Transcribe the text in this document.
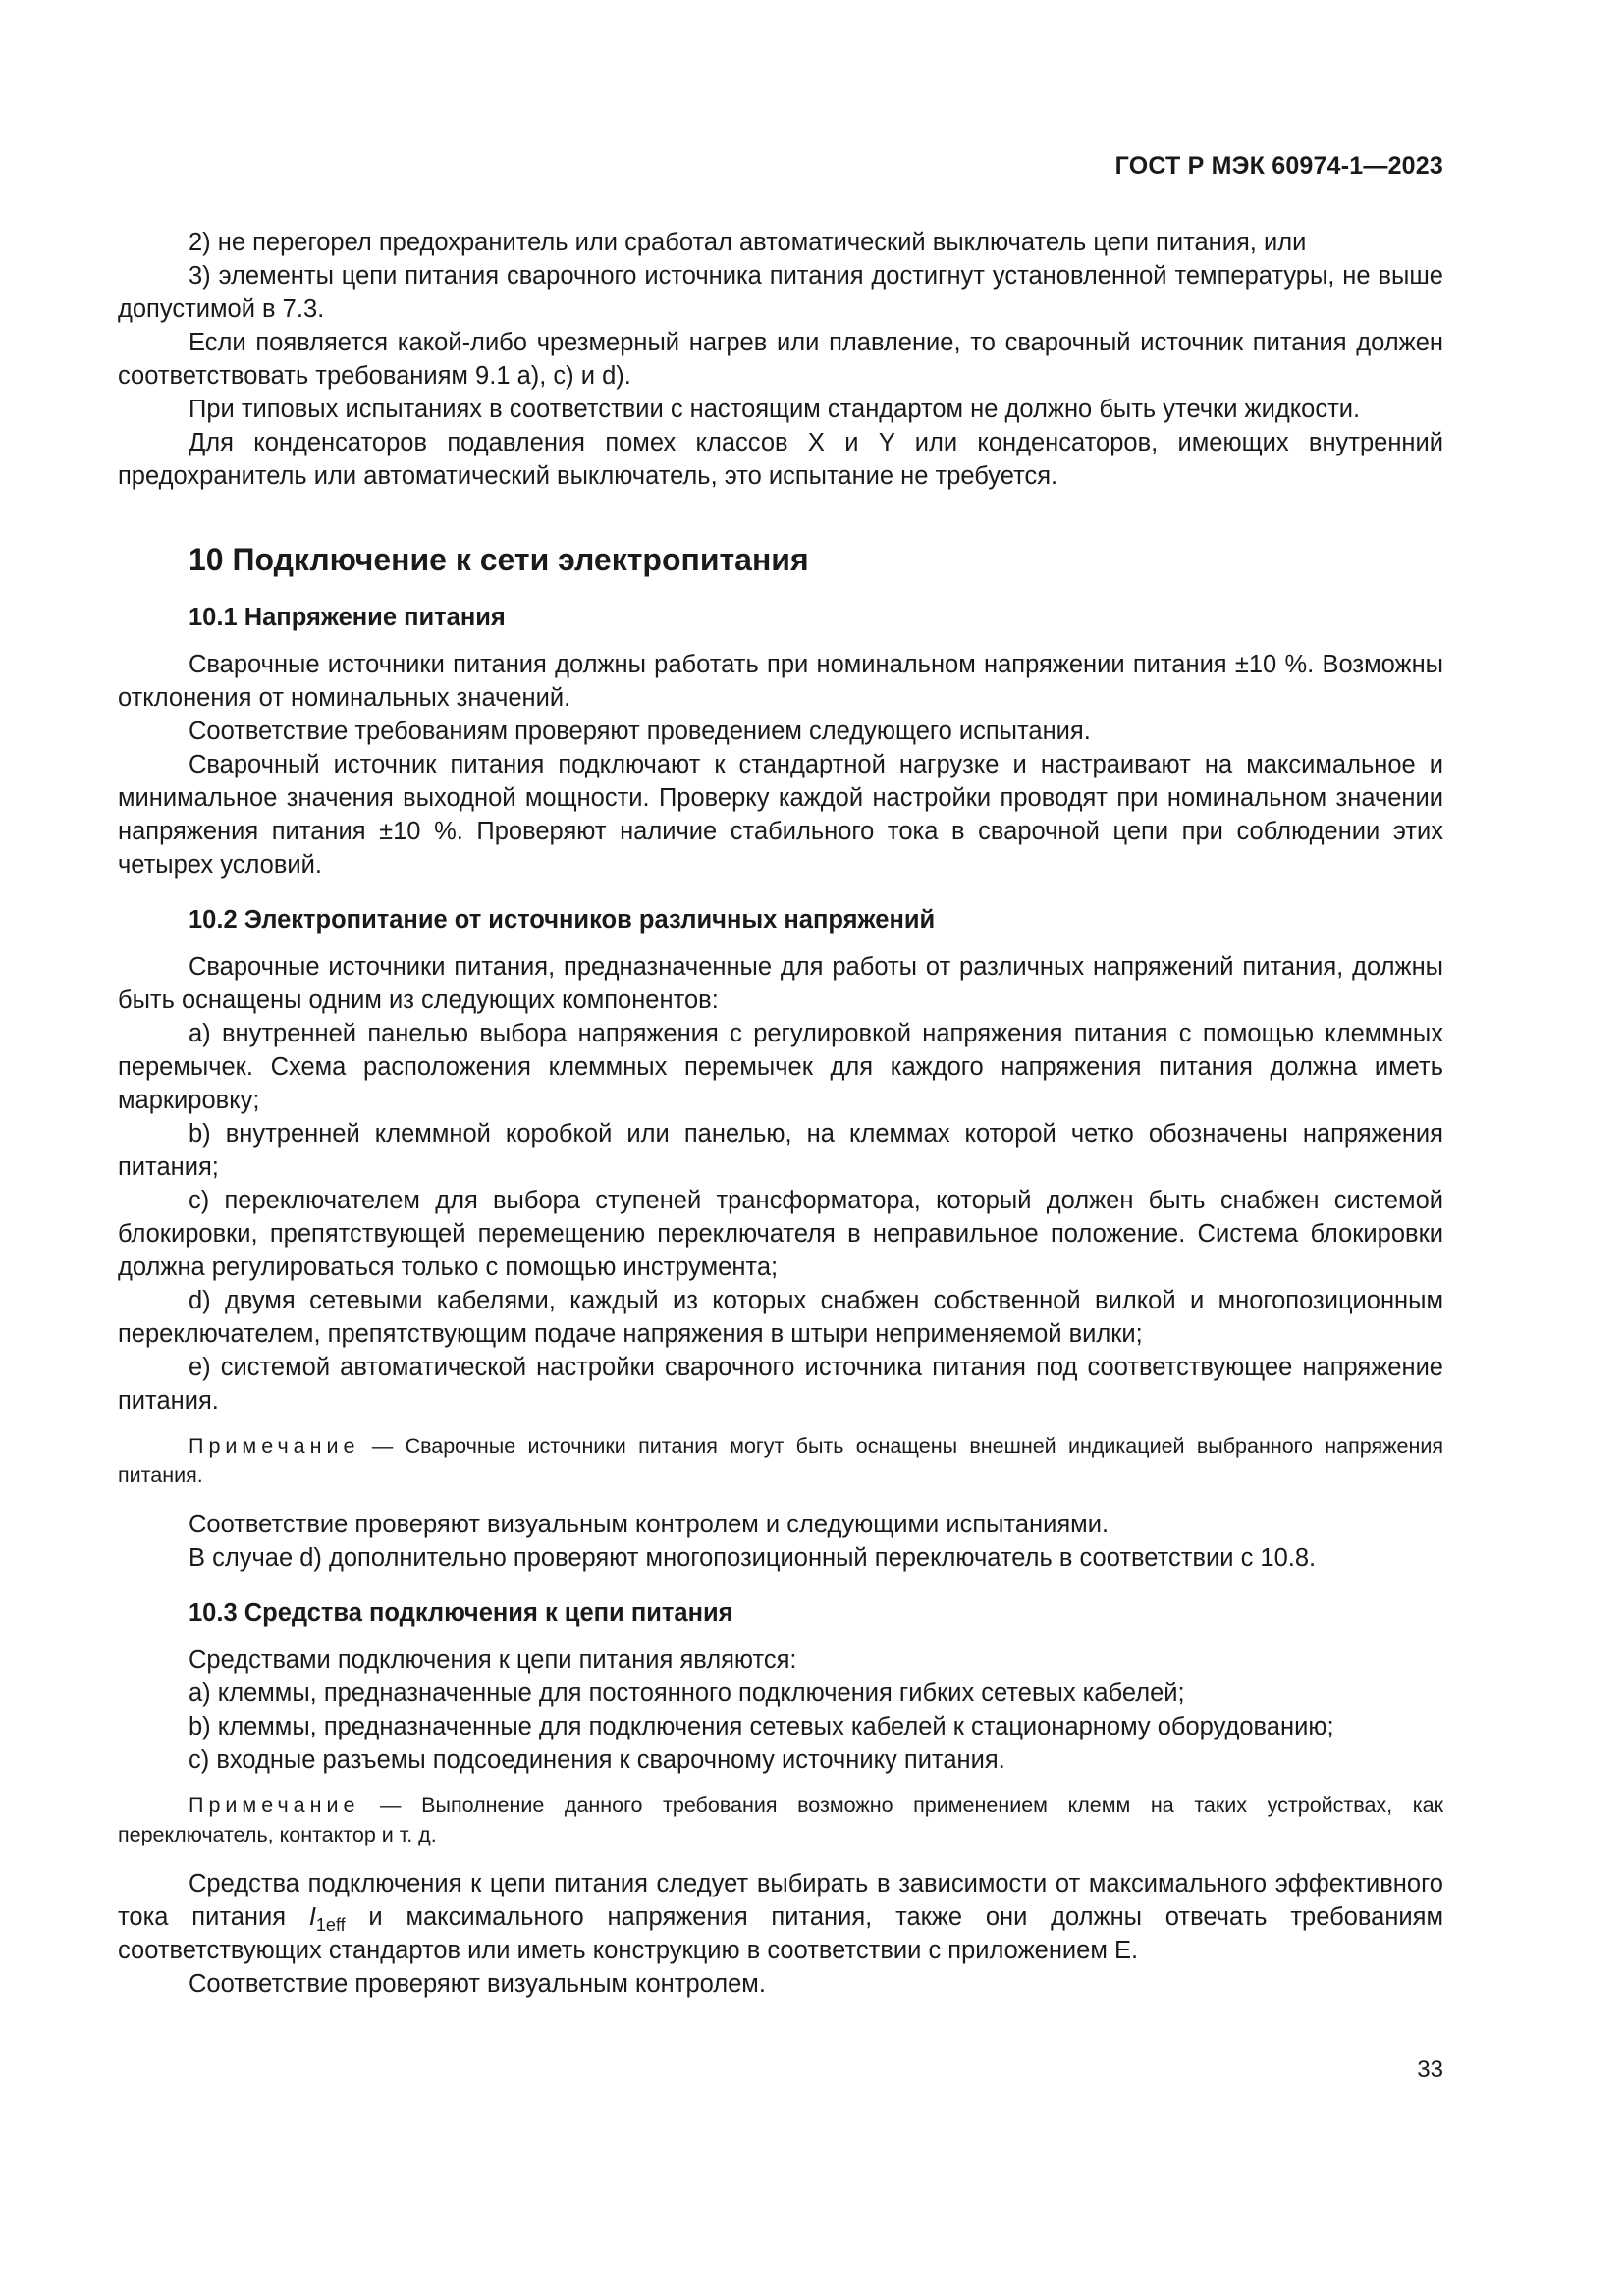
ГОСТ Р МЭК 60974-1—2023

2) не перегорел предохранитель или сработал автоматический выключатель цепи питания, или

3) элементы цепи питания сварочного источника питания достигнут установленной температуры, не выше допустимой в 7.3.

Если появляется какой-либо чрезмерный нагрев или плавление, то сварочный источник питания должен соответствовать требованиям 9.1 а), с) и d).

При типовых испытаниях в соответствии с настоящим стандартом не должно быть утечки жидкости.

Для конденсаторов подавления помех классов X и Y или конденсаторов, имеющих внутренний предохранитель или автоматический выключатель, это испытание не требуется.

10 Подключение к сети электропитания
10.1 Напряжение питания

Сварочные источники питания должны работать при номинальном напряжении питания ±10 %. Возможны отклонения от номинальных значений.

Соответствие требованиям проверяют проведением следующего испытания.

Сварочный источник питания подключают к стандартной нагрузке и настраивают на максимальное и минимальное значения выходной мощности. Проверку каждой настройки проводят при номинальном значении напряжения питания ±10 %. Проверяют наличие стабильного тока в сварочной цепи при соблюдении этих четырех условий.

10.2 Электропитание от источников различных напряжений

Сварочные источники питания, предназначенные для работы от различных напряжений питания, должны быть оснащены одним из следующих компонентов:

а) внутренней панелью выбора напряжения с регулировкой напряжения питания с помощью клеммных перемычек. Схема расположения клеммных перемычек для каждого напряжения питания должна иметь маркировку;

b) внутренней клеммной коробкой или панелью, на клеммах которой четко обозначены напряжения питания;

с) переключателем для выбора ступеней трансформатора, который должен быть снабжен системой блокировки, препятствующей перемещению переключателя в неправильное положение. Система блокировки должна регулироваться только с помощью инструмента;

d) двумя сетевыми кабелями, каждый из которых снабжен собственной вилкой и многопозиционным переключателем, препятствующим подаче напряжения в штыри неприменяемой вилки;

е) системой автоматической настройки сварочного источника питания под соответствующее напряжение питания.

Примечание — Сварочные источники питания могут быть оснащены внешней индикацией выбранного напряжения питания.

Соответствие проверяют визуальным контролем и следующими испытаниями.

В случае d) дополнительно проверяют многопозиционный переключатель в соответствии с 10.8.

10.3 Средства подключения к цепи питания

Средствами подключения к цепи питания являются:

а) клеммы, предназначенные для постоянного подключения гибких сетевых кабелей;

b) клеммы, предназначенные для подключения сетевых кабелей к стационарному оборудованию;

с) входные разъемы подсоединения к сварочному источнику питания.

Примечание — Выполнение данного требования возможно применением клемм на таких устройствах, как переключатель, контактор и т. д.

Средства подключения к цепи питания следует выбирать в зависимости от максимального эффективного тока питания $I_{1eff}$ и максимального напряжения питания, также они должны отвечать требованиям соответствующих стандартов или иметь конструкцию в соответствии с приложением Е.

Соответствие проверяют визуальным контролем.

33
